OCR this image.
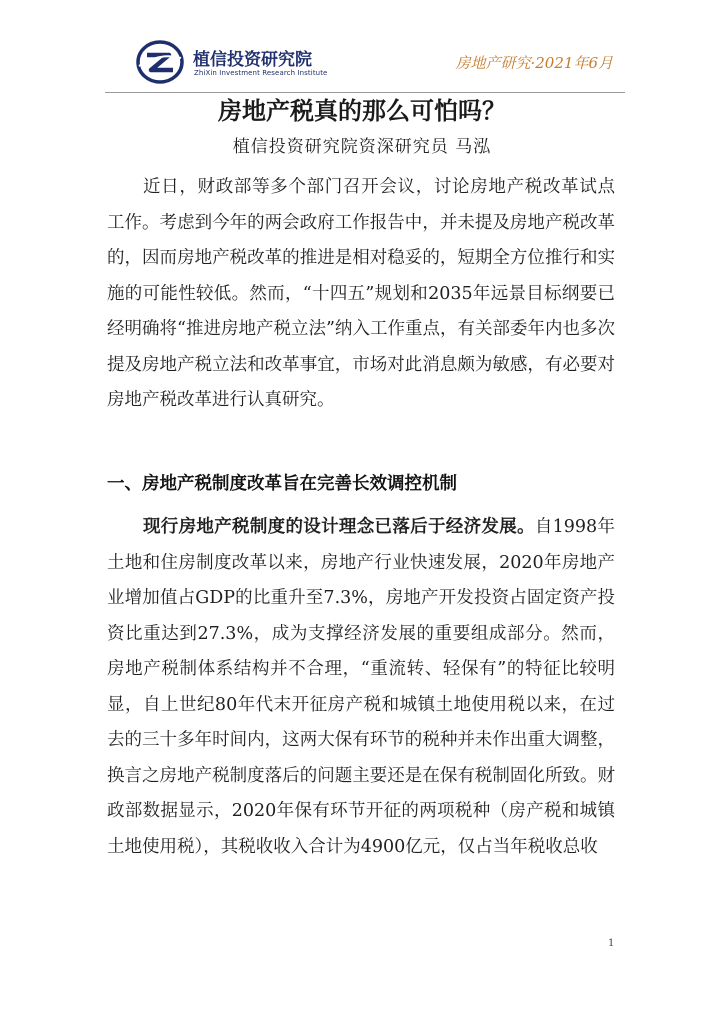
植信投资研究院
ZhiXin Investment Research Institute
房地产研究·2021年6月
房地产税真的那么可怕吗？
植信投资研究院资深研究员 马泓
近日，财政部等多个部门召开会议，讨论房地产税改革试点工作。考虑到今年的两会政府工作报告中，并未提及房地产税改革的，因而房地产税改革的推进是相对稳妥的，短期全方位推行和实施的可能性较低。然而，“十四五”规划和2035年远景目标纲要已经明确将“推进房地产税立法”纳入工作重点，有关部委年内也多次提及房地产税立法和改革事宜，市场对此消息颇为敏感，有必要对房地产税改革进行认真研究。
一、房地产税制度改革旨在完善长效调控机制
现行房地产税制度的设计理念已落后于经济发展。自1998年土地和住房制度改革以来，房地产行业快速发展，2020年房地产业增加值占GDP的比重升至7.3%，房地产开发投资占固定资产投资比重达到27.3%，成为支撑经济发展的重要组成部分。然而，房地产税制体系结构并不合理，“重流转、轻保有”的特征比较明显，自上世纪80年代末开征房产税和城镇土地使用税以来，在过去的三十多年时间内，这两大保有环节的税种并未作出重大调整，换言之房地产税制度落后的问题主要还是在保有税制固化所致。财政部数据显示，2020年保有环节开征的两项税种（房产税和城镇土地使用税），其税收收入合计为4900亿元，仅占当年税收总收
1
